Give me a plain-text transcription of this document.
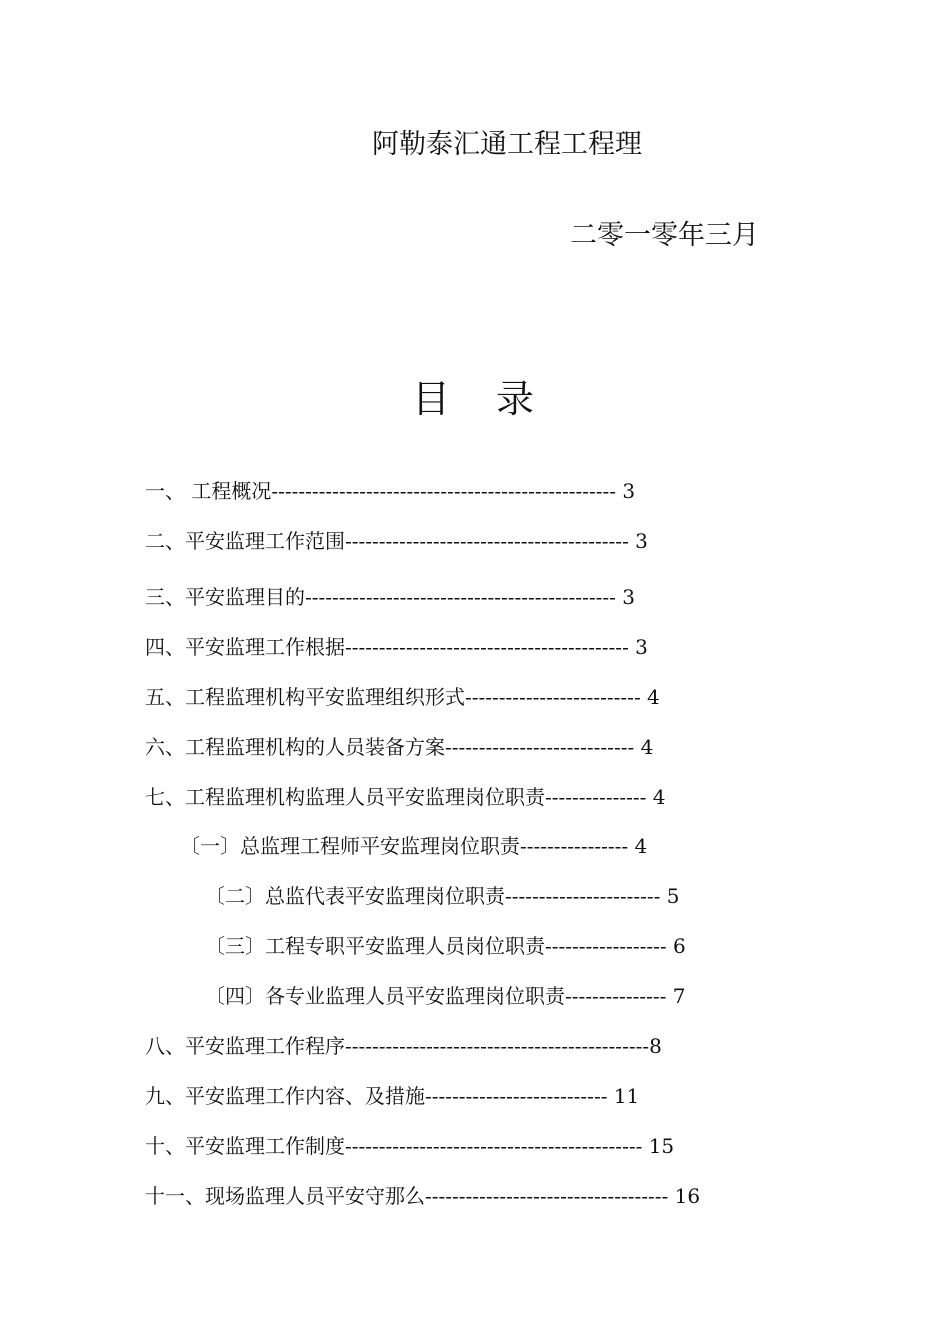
阿勒泰汇通工程工程理
二零一零年三月
目 录
一、 工程概况--------------------------------------------------- 3
二、平安监理工作范围------------------------------------------ 3
三、平安监理目的---------------------------------------------- 3
四、平安监理工作根据------------------------------------------ 3
五、工程监理机构平安监理组织形式-------------------------- 4
六、工程监理机构的人员装备方案---------------------------- 4
七、工程监理机构监理人员平安监理岗位职责--------------- 4
〔一〕总监理工程师平安监理岗位职责---------------- 4
〔二〕总监代表平安监理岗位职责----------------------- 5
〔三〕工程专职平安监理人员岗位职责------------------ 6
〔四〕各专业监理人员平安监理岗位职责--------------- 7
八、平安监理工作程序---------------------------------------------8
九、平安监理工作内容、及措施--------------------------- 11
十、平安监理工作制度-------------------------------------------- 15
十一、现场监理人员平安守那么------------------------------------ 16
